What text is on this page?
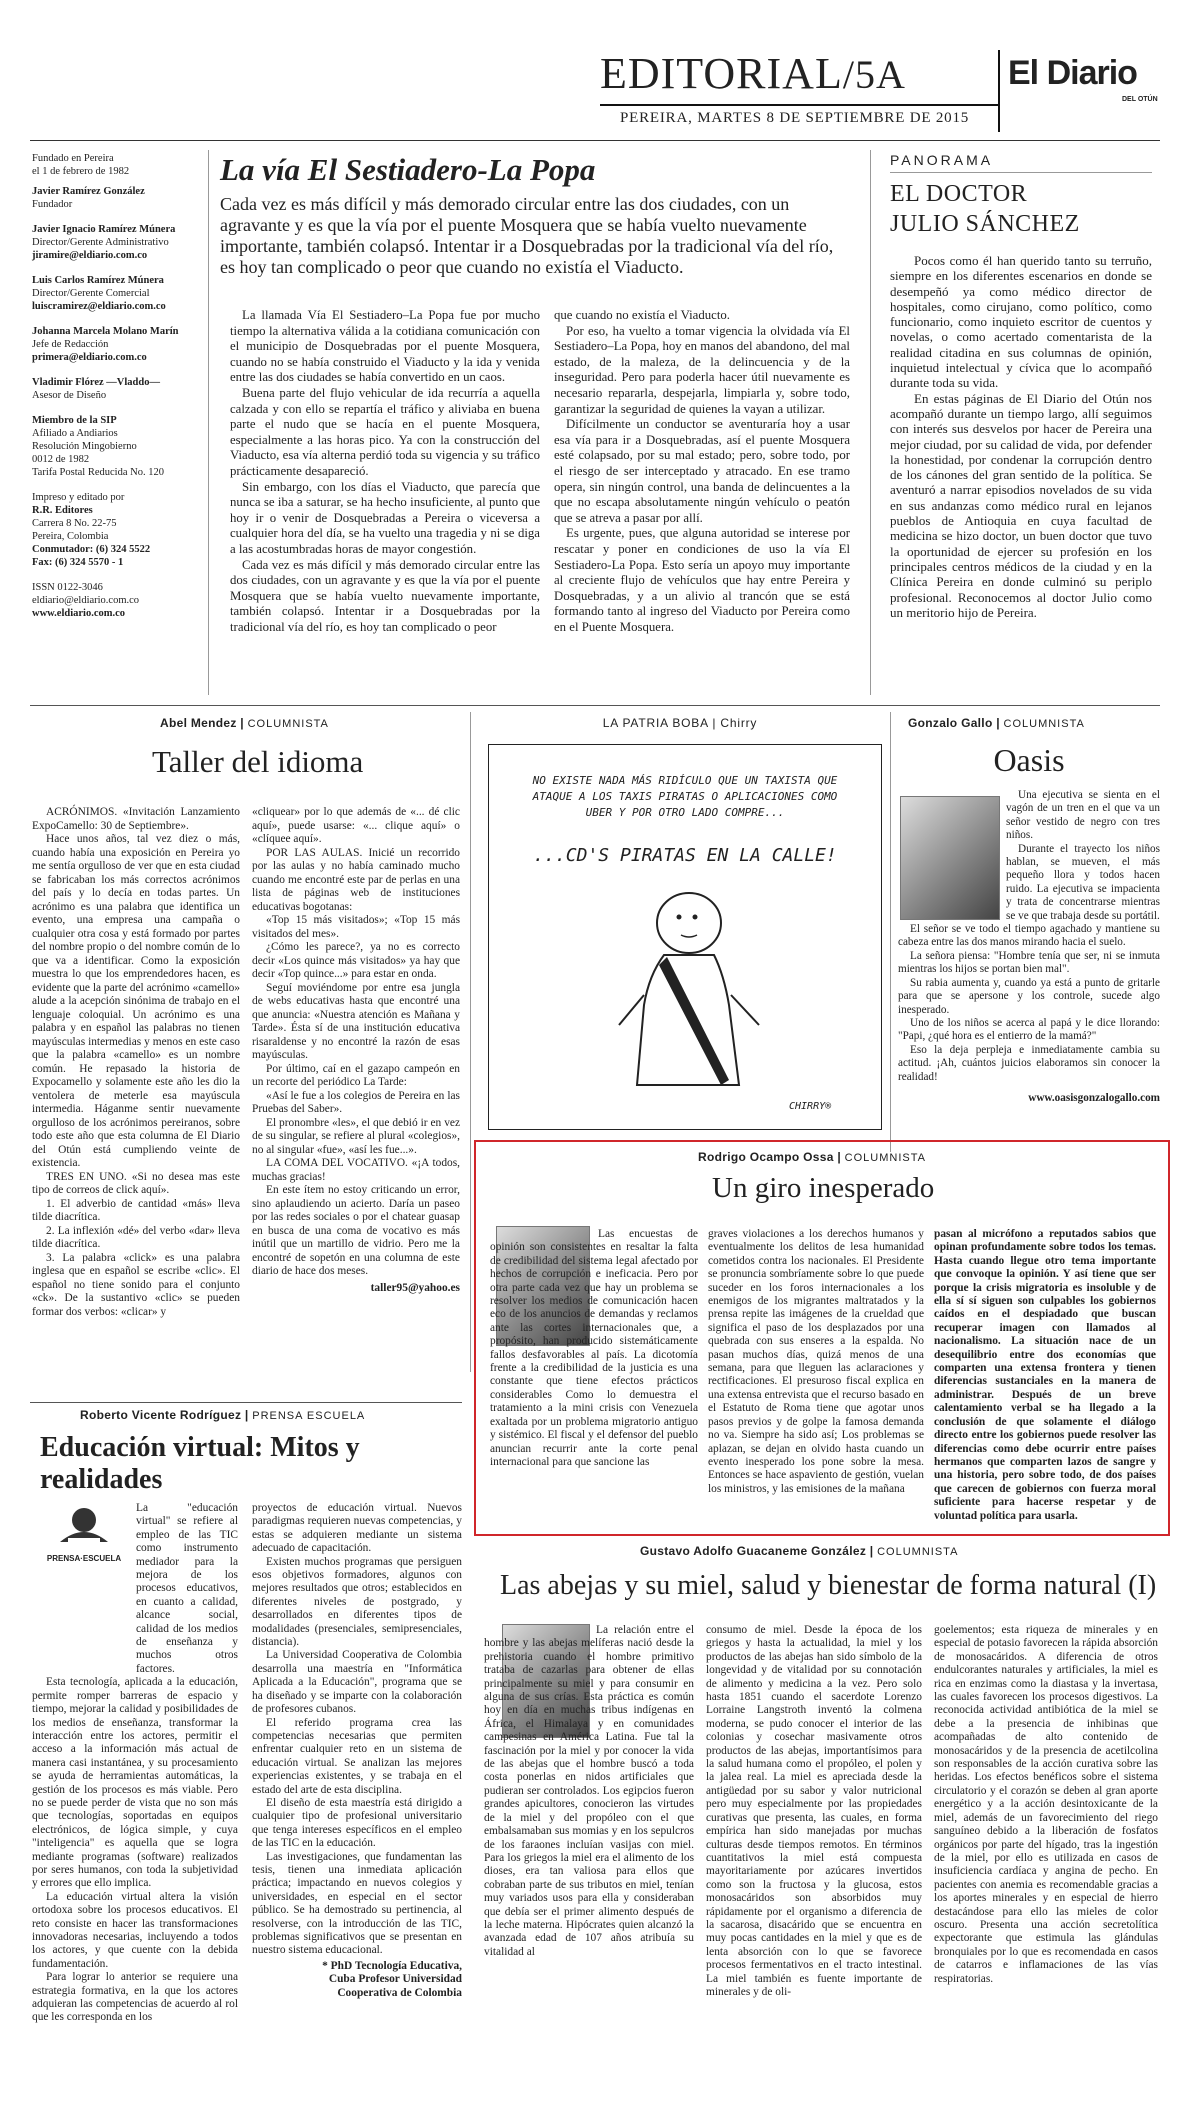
EDITORIAL/5A	El Diario
DEL OTÚN
PEREIRA, MARTES 8 DE SEPTIEMBRE DE 2015

Fundado en Pereira

el 1 de febrero de 1982

Javier Ramírez González
Fundador
Javier Ignacio Ramírez Múnera
Director/Gerente Administrativo
jiramire@eldiario.com.co
Luis Carlos Ramírez Múnera
Director/Gerente Comercial
luiscramirez@eldiario.com.co
Johanna Marcela Molano Marín
Jefe de Redacción
primera@eldiario.com.co
Vladimir Flórez —Vladdo—
Asesor de Diseño

Miembro de la SIP

Afiliado a Andiarios

Resolución Mingobierno

0012 de 1982

Tarifa Postal Reducida No. 120

Impreso y editado por

R.R. Editores

Carrera 8 No. 22-75

Pereira, Colombia

Conmutador: (6) 324 5522

Fax: (6) 324 5570 - 1

ISSN 0122-3046

eldiario@eldiario.com.co

www.eldiario.com.co

La vía El Sestiadero-La Popa
Cada vez es más difícil y más demorado circular entre las dos ciudades, con un agravante y es que la vía por el puente Mosquera que se había vuelto nuevamente importante, también colapsó. Intentar ir a Dosquebradas por la tradicional vía del río, es hoy tan complicado o peor que cuando no existía el Viaducto.

La llamada Vía El Sestiadero–La Popa fue por mucho tiempo la alternativa válida a la cotidiana comunicación con el municipio de Dosquebradas por el puente Mosquera, cuando no se había construido el Viaducto y la ida y venida entre las dos ciudades se había convertido en un caos.

Buena parte del flujo vehicular de ida recurría a aquella calzada y con ello se repartía el tráfico y aliviaba en buena parte el nudo que se hacía en el puente Mosquera, especialmente a las horas pico. Ya con la construcción del Viaducto, esa vía alterna perdió toda su vigencia y su tráfico prácticamente desapareció.

Sin embargo, con los días el Viaducto, que parecía que nunca se iba a saturar, se ha hecho insuficiente, al punto que hoy ir o venir de Dosquebradas a Pereira o viceversa a cualquier hora del día, se ha vuelto una tragedia y ni se diga a las acostumbradas horas de mayor congestión.

Cada vez es más difícil y más demorado circular entre las dos ciudades, con un agravante y es que la vía por el puente Mosquera que se había vuelto nuevamente importante, también colapsó. Intentar ir a Dosquebradas por la tradicional vía del río, es hoy tan complicado o peor

que cuando no existía el Viaducto.

Por eso, ha vuelto a tomar vigencia la olvidada vía El Sestiadero–La Popa, hoy en manos del abandono, del mal estado, de la maleza, de la delincuencia y de la inseguridad. Pero para poderla hacer útil nuevamente es necesario repararla, despejarla, limpiarla y, sobre todo, garantizar la seguridad de quienes la vayan a utilizar.

Difícilmente un conductor se aventuraría hoy a usar esa vía para ir a Dosquebradas, así el puente Mosquera esté colapsado, por su mal estado; pero, sobre todo, por el riesgo de ser interceptado y atracado. En ese tramo opera, sin ningún control, una banda de delincuentes a la que no escapa absolutamente ningún vehículo o peatón que se atreva a pasar por allí.

Es urgente, pues, que alguna autoridad se interese por rescatar y poner en condiciones de uso la vía El Sestiadero-La Popa. Esto sería un apoyo muy importante al creciente flujo de vehículos que hay entre Pereira y Dosquebradas, y a un alivio al trancón que se está formando tanto al ingreso del Viaducto por Pereira como en el Puente Mosquera.

PANORAMA
EL DOCTOR JULIO SÁNCHEZ

Pocos como él han querido tanto su terruño, siempre en los diferentes escenarios en donde se desempeñó ya como médico director de hospitales, como cirujano, como político, como funcionario, como inquieto escritor de cuentos y novelas, o como acertado comentarista de la realidad citadina en sus columnas de opinión, inquietud intelectual y cívica que lo acompañó durante toda su vida.

En estas páginas de El Diario del Otún nos acompañó durante un tiempo largo, allí seguimos con interés sus desvelos por hacer de Pereira una mejor ciudad, por su calidad de vida, por defender la honestidad, por condenar la corrupción dentro de los cánones del gran sentido de la política. Se aventuró a narrar episodios novelados de su vida en sus andanzas como médico rural en lejanos pueblos de Antioquia en cuya facultad de medicina se hizo doctor, un buen doctor que tuvo la oportunidad de ejercer su profesión en los principales centros médicos de la ciudad y en la Clínica Pereira en donde culminó su periplo profesional. Reconocemos al doctor Julio como un meritorio hijo de Pereira.

Abel Mendez | COLUMNISTA
Taller del idioma

ACRÓNIMOS. «Invitación Lanzamiento ExpoCamello: 30 de Septiembre».

Hace unos años, tal vez diez o más, cuando había una exposición en Pereira yo me sentía orgulloso de ver que en esta ciudad se fabricaban los más correctos acrónimos del país y lo decía en todas partes. Un acrónimo es una palabra que identifica un evento, una empresa una campaña o cualquier otra cosa y está formado por partes del nombre propio o del nombre común de lo que va a identificar. Como la exposición muestra lo que los emprendedores hacen, es evidente que la parte del acrónimo «camello» alude a la acepción sinónima de trabajo en el lenguaje coloquial. Un acrónimo es una palabra y en español las palabras no tienen mayúsculas intermedias y menos en este caso que la palabra «camello» es un nombre común. He repasado la historia de Expocamello y solamente este año les dio la ventolera de meterle esa mayúscula intermedia. Háganme sentir nuevamente orgulloso de los acrónimos pereiranos, sobre todo este año que esta columna de El Diario del Otún está cumpliendo veinte de existencia.

TRES EN UNO. «Si no desea mas este tipo de correos de click aquí».

1. El adverbio de cantidad «más» lleva tilde diacrítica.

2. La inflexión «dé» del verbo «dar» lleva tilde diacrítica.

3. La palabra «click» es una palabra inglesa que en español se escribe «clic». El español no tiene sonido para el conjunto «ck». De la sustantivo «clic» se pueden formar dos verbos: «clicar» y

«cliquear» por lo que además de «... dé clic aquí», puede usarse: «... clique aquí» o «clíquee aquí».

POR LAS AULAS. Inicié un recorrido por las aulas y no había caminado mucho cuando me encontré este par de perlas en una lista de páginas web de instituciones educativas bogotanas:

«Top 15 más visitados»; «Top 15 más visitados del mes».

¿Cómo les parece?, ya no es correcto decir «Los quince más visitados» ya hay que decir «Top quince...» para estar en onda.

Seguí moviéndome por entre esa jungla de webs educativas hasta que encontré una que anuncia: «Nuestra atención es Mañana y Tarde». Ésta sí de una institución educativa risaraldense y no encontré la razón de esas mayúsculas.

Por último, caí en el gazapo campeón en un recorte del periódico La Tarde:

«Así le fue a los colegios de Pereira en las Pruebas del Saber».

El pronombre «les», el que debió ir en vez de su singular, se refiere al plural «colegios», no al singular «fue», «así les fue...».

LA COMA DEL VOCATIVO. «¡A todos, muchas gracias!

En este ítem no estoy criticando un error, sino aplaudiendo un acierto. Daría un paseo por las redes sociales o por el chatear guasap en busca de una coma de vocativo es más inútil que un martillo de vidrio. Pero me la encontré de sopetón en una columna de este diario de hace dos meses.

taller95@yahoo.es

LA PATRIA BOBA | Chirry
NO EXISTE NADA MÁS RIDÍCULO QUE UN TAXISTA QUE ATAQUE A LOS TAXIS PIRATAS O APLICACIONES COMO UBER Y POR OTRO LADO COMPRE...
...CD'S PIRATAS EN LA CALLE!
CHIRRY®
Gonzalo Gallo | COLUMNISTA
Oasis

Una ejecutiva se sienta en el vagón de un tren en el que va un señor vestido de negro con tres niños.

Durante el trayecto los niños hablan, se mueven, el más pequeño llora y todos hacen ruido. La ejecutiva se impacienta y trata de concentrarse mientras se ve que trabaja desde su portátil.

El señor se ve todo el tiempo agachado y mantiene su cabeza entre las dos manos mirando hacia el suelo.

La señora piensa: "Hombre tenía que ser, ni se inmuta mientras los hijos se portan bien mal".

Su rabia aumenta y, cuando ya está a punto de gritarle para que se apersone y los controle, sucede algo inesperado.

Uno de los niños se acerca al papá y le dice llorando: "Papi, ¿qué hora es el entierro de la mamá?"

Eso la deja perpleja e inmediatamente cambia su actitud. ¡Ah, cuántos juicios elaboramos sin conocer la realidad!

www.oasisgonzalogallo.com

Rodrigo Ocampo Ossa | COLUMNISTA
Un giro inesperado

Las encuestas de opinión son consistentes en resaltar la falta de credibilidad del sistema legal afectado por hechos de corrupción e ineficacia. Pero por otra parte cada vez que hay un problema se resolver los medios de comunicación hacen eco de los anuncios de demandas y reclamos ante las cortes internacionales que, a propósito, han producido sistemáticamente fallos desfavorables al país. La dicotomía frente a la credibilidad de la justicia es una constante que tiene efectos prácticos considerables Como lo demuestra el tratamiento a la mini crisis con Venezuela exaltada por un problema migratorio antiguo y sistémico. El fiscal y el defensor del pueblo anuncian recurrir ante la corte penal internacional para que sancione las

graves violaciones a los derechos humanos y eventualmente los delitos de lesa humanidad cometidos contra los nacionales. El Presidente se pronuncia sombríamente sobre lo que puede suceder en los foros internacionales a los enemigos de los migrantes maltratados y la prensa repite las imágenes de la crueldad que significa el paso de los desplazados por una quebrada con sus enseres a la espalda. No pasan muchos días, quizá menos de una semana, para que lleguen las aclaraciones y rectificaciones. El presuroso fiscal explica en una extensa entrevista que el recurso basado en el Estatuto de Roma tiene que agotar unos pasos previos y de golpe la famosa demanda no va. Siempre ha sido así; Los problemas se aplazan, se dejan en olvido hasta cuando un evento inesperado los pone sobre la mesa. Entonces se hace aspaviento de gestión, vuelan los ministros, y las emisiones de la mañana

pasan al micrófono a reputados sabios que opinan profundamente sobre todos los temas. Hasta cuando llegue otro tema importante que convoque la opinión. Y así tiene que ser porque la crisis migratoria es insoluble y de ella sí sí siguen son culpables los gobiernos caídos en el despiadado que buscan recuperar imagen con llamados al nacionalismo. La situación nace de un desequilibrio entre dos economías que comparten una extensa frontera y tienen diferencias sustanciales en la manera de administrar. Después de un breve calentamiento verbal se ha llegado a la conclusión de que solamente el diálogo directo entre los gobiernos puede resolver las diferencias como debe ocurrir entre países hermanos que comparten lazos de sangre y una historia, pero sobre todo, de dos países que carecen de gobiernos con fuerza moral suficiente para hacerse respetar y de voluntad política para usarla.

Roberto Vicente Rodríguez | PRENSA ESCUELA
Educación virtual: Mitos y realidades
PRENSA·ESCUELA

La "educación virtual" se refiere al empleo de las TIC como instrumento mediador para la mejora de los procesos educativos, en cuanto a calidad, alcance social, calidad de los medios de enseñanza y muchos otros factores.

Esta tecnología, aplicada a la educación, permite romper barreras de espacio y tiempo, mejorar la calidad y posibilidades de los medios de enseñanza, transformar la interacción entre los actores, permitir el acceso a la información más actual de manera casi instantánea, y su procesamiento se ayuda de herramientas automáticas, la gestión de los procesos es más viable. Pero no se puede perder de vista que no son más que tecnologías, soportadas en equipos electrónicos, de lógica simple, y cuya "inteligencia" es aquella que se logra mediante programas (software) realizados por seres humanos, con toda la subjetividad y errores que ello implica.

La educación virtual altera la visión ortodoxa sobre los procesos educativos. El reto consiste en hacer las transformaciones innovadoras necesarias, incluyendo a todos los actores, y que cuente con la debida fundamentación.

Para lograr lo anterior se requiere una estrategia formativa, en la que los actores adquieran las competencias de acuerdo al rol que les corresponda en los

proyectos de educación virtual. Nuevos paradigmas requieren nuevas competencias, y estas se adquieren mediante un sistema adecuado de capacitación.

Existen muchos programas que persiguen esos objetivos formadores, algunos con mejores resultados que otros; establecidos en diferentes niveles de postgrado, y desarrollados en diferentes tipos de modalidades (presenciales, semipresenciales, distancia).

La Universidad Cooperativa de Colombia desarrolla una maestría en "Informática Aplicada a la Educación", programa que se ha diseñado y se imparte con la colaboración de profesores cubanos.

El referido programa crea las competencias necesarias que permiten enfrentar cualquier reto en un sistema de educación virtual. Se analizan las mejores experiencias existentes, y se trabaja en el estado del arte de esta disciplina.

El diseño de esta maestría está dirigido a cualquier tipo de profesional universitario que tenga intereses específicos en el empleo de las TIC en la educación.

Las investigaciones, que fundamentan las tesis, tienen una inmediata aplicación práctica; impactando en nuevos colegios y universidades, en especial en el sector público. Se ha demostrado su pertinencia, al resolverse, con la introducción de las TIC, problemas significativos que se presentan en nuestro sistema educacional.

* PhD Tecnología Educativa,

Cuba Profesor Universidad

Cooperativa de Colombia

Gustavo Adolfo Guacaneme González | COLUMNISTA
Las abejas y su miel, salud y bienestar de forma natural (I)

La relación entre el hombre y las abejas melíferas nació desde la prehistoria cuando el hombre primitivo trataba de cazarlas para obtener de ellas principalmente su miel y para consumir en alguna de sus crías. Esta práctica es común hoy en día en muchas tribus indígenas en África, el Himalaya y en comunidades campesinas en América Latina. Fue tal la fascinación por la miel y por conocer la vida de las abejas que el hombre buscó a toda costa ponerlas en nidos artificiales que pudieran ser controlados. Los egipcios fueron grandes apicultores, conocieron las virtudes de la miel y del propóleo con el que embalsamaban sus momias y en los sepulcros de los faraones incluían vasijas con miel. Para los griegos la miel era el alimento de los dioses, era tan valiosa para ellos que cobraban parte de sus tributos en miel, tenían muy variados usos para ella y consideraban que debía ser el primer alimento después de la leche materna. Hipócrates quien alcanzó la avanzada edad de 107 años atribuía su vitalidad al

consumo de miel. Desde la época de los griegos y hasta la actualidad, la miel y los productos de las abejas han sido símbolo de la longevidad y de vitalidad por su connotación de alimento y medicina a la vez. Pero solo hasta 1851 cuando el sacerdote Lorenzo Lorraine Langstroth inventó la colmena moderna, se pudo conocer el interior de las colonias y cosechar masivamente otros productos de las abejas, importantísimos para la salud humana como el propóleo, el polen y la jalea real. La miel es apreciada desde la antigüedad por su sabor y valor nutricional pero muy especialmente por las propiedades curativas que presenta, las cuales, en forma empírica han sido manejadas por muchas culturas desde tiempos remotos. En términos cuantitativos la miel está compuesta mayoritariamente por azúcares invertidos como son la fructosa y la glucosa, estos monosacáridos son absorbidos muy rápidamente por el organismo a diferencia de la sacarosa, disacárido que se encuentra en muy pocas cantidades en la miel y que es de lenta absorción con lo que se favorece procesos fermentativos en el tracto intestinal. La miel también es fuente importante de minerales y de oli-

goelementos; esta riqueza de minerales y en especial de potasio favorecen la rápida absorción de monosacáridos. A diferencia de otros endulcorantes naturales y artificiales, la miel es rica en enzimas como la diastasa y la invertasa, las cuales favorecen los procesos digestivos. La reconocida actividad antibiótica de la miel se debe a la presencia de inhibinas que acompañadas de alto contenido de monosacáridos y de la presencia de acetilcolina son responsables de la acción curativa sobre las heridas. Los efectos benéficos sobre el sistema circulatorio y el corazón se deben al gran aporte energético y a la acción desintoxicante de la miel, además de un favorecimiento del riego sanguíneo debido a la liberación de fosfatos orgánicos por parte del hígado, tras la ingestión de la miel, por ello es utilizada en casos de insuficiencia cardíaca y angina de pecho. En pacientes con anemia es recomendable gracias a los aportes minerales y en especial de hierro destacándose para ello las mieles de color oscuro. Presenta una acción secretolítica expectorante que estimula las glándulas bronquiales por lo que es recomendada en casos de catarros e inflamaciones de las vías respiratorias.
